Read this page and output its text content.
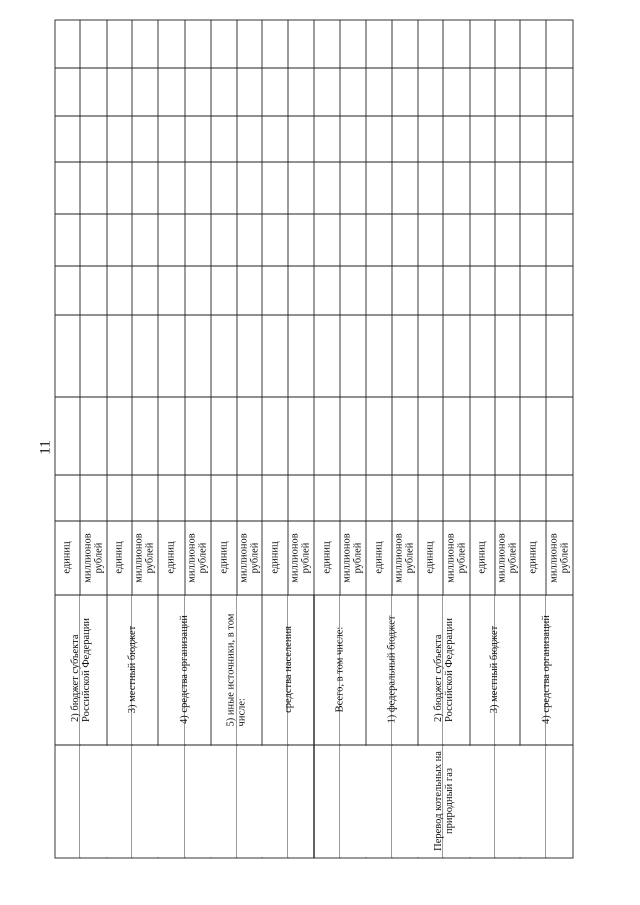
11
2) бюджет субъекта
Российской Федерации
единиц миллионов
рублей
3) местный бюджет
единиц миллионов
рублей
4) средства организаций
единиц миллионов
рублей
5) иные источники, в том
числе:
единиц миллионов
рублей
средства населения
единиц миллионов
рублей
Всего, в том числе:
единиц миллионов
рублей
Перевод котельных на
природный газ
1) федеральный бюджет
единиц миллионов
рублей
2) бюджет субъекта
Российской Федерации
единиц миллионов
рублей
3) местный бюджет
единиц миллионов
рублей
4) средства организаций
единиц миллионов
рублей
